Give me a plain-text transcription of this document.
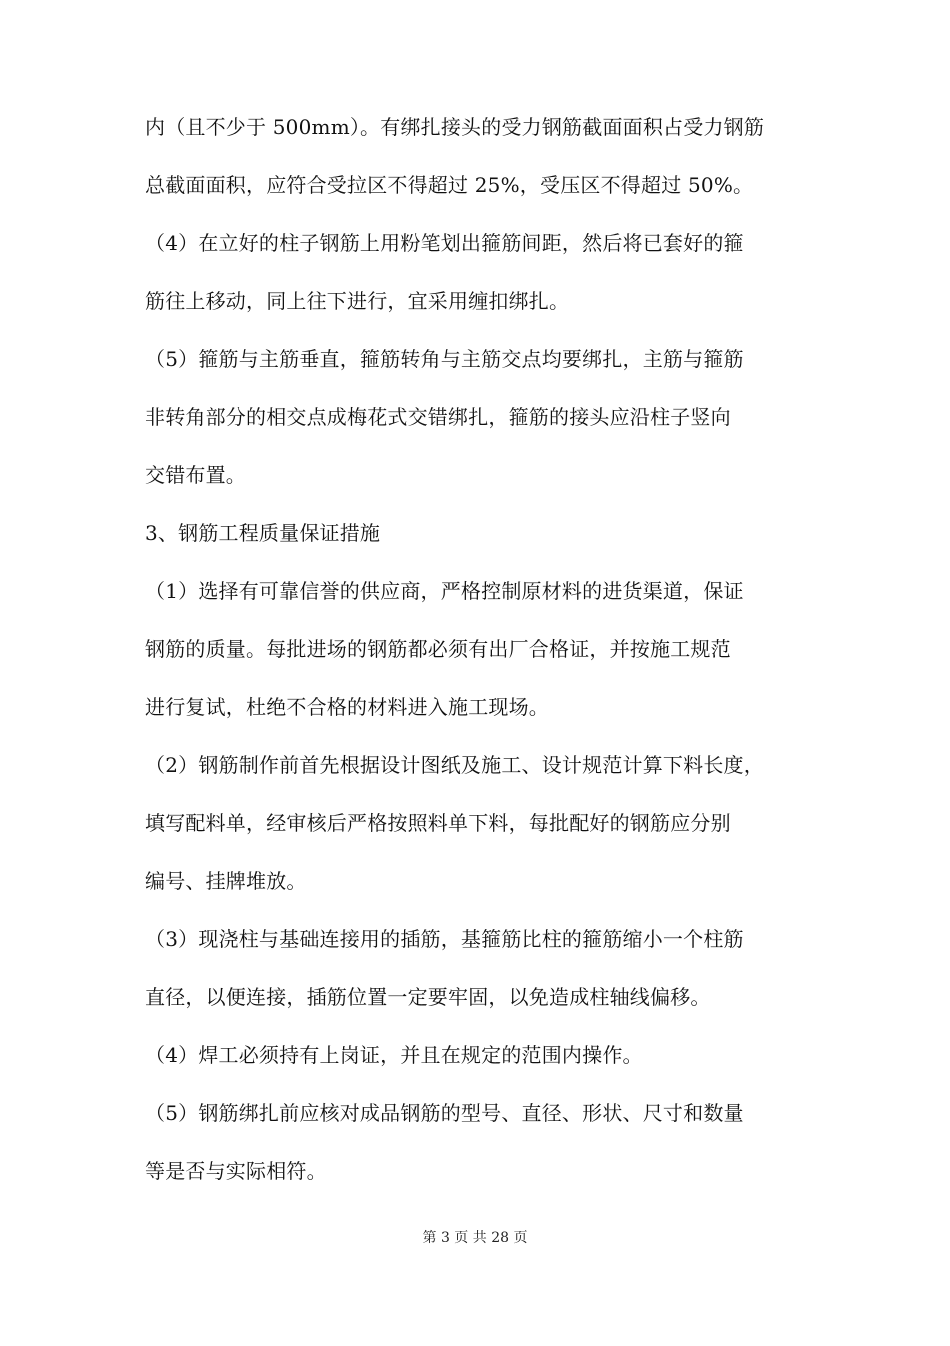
内（且不少于 500mm）。有绑扎接头的受力钢筋截面面积占受力钢筋
总截面面积，应符合受拉区不得超过 25%，受压区不得超过 50%。
（4）在立好的柱子钢筋上用粉笔划出箍筋间距，然后将已套好的箍
筋往上移动，同上往下进行，宜采用缠扣绑扎。
（5）箍筋与主筋垂直，箍筋转角与主筋交点均要绑扎，主筋与箍筋
非转角部分的相交点成梅花式交错绑扎，箍筋的接头应沿柱子竖向
交错布置。
3、钢筋工程质量保证措施
（1）选择有可靠信誉的供应商，严格控制原材料的进货渠道，保证
钢筋的质量。每批进场的钢筋都必须有出厂合格证，并按施工规范
进行复试，杜绝不合格的材料进入施工现场。
（2）钢筋制作前首先根据设计图纸及施工、设计规范计算下料长度，
填写配料单，经审核后严格按照料单下料，每批配好的钢筋应分别
编号、挂牌堆放。
（3）现浇柱与基础连接用的插筋，基箍筋比柱的箍筋缩小一个柱筋
直径，以便连接，插筋位置一定要牢固，以免造成柱轴线偏移。
（4）焊工必须持有上岗证，并且在规定的范围内操作。
（5）钢筋绑扎前应核对成品钢筋的型号、直径、形状、尺寸和数量
等是否与实际相符。
第 3 页 共 28 页
